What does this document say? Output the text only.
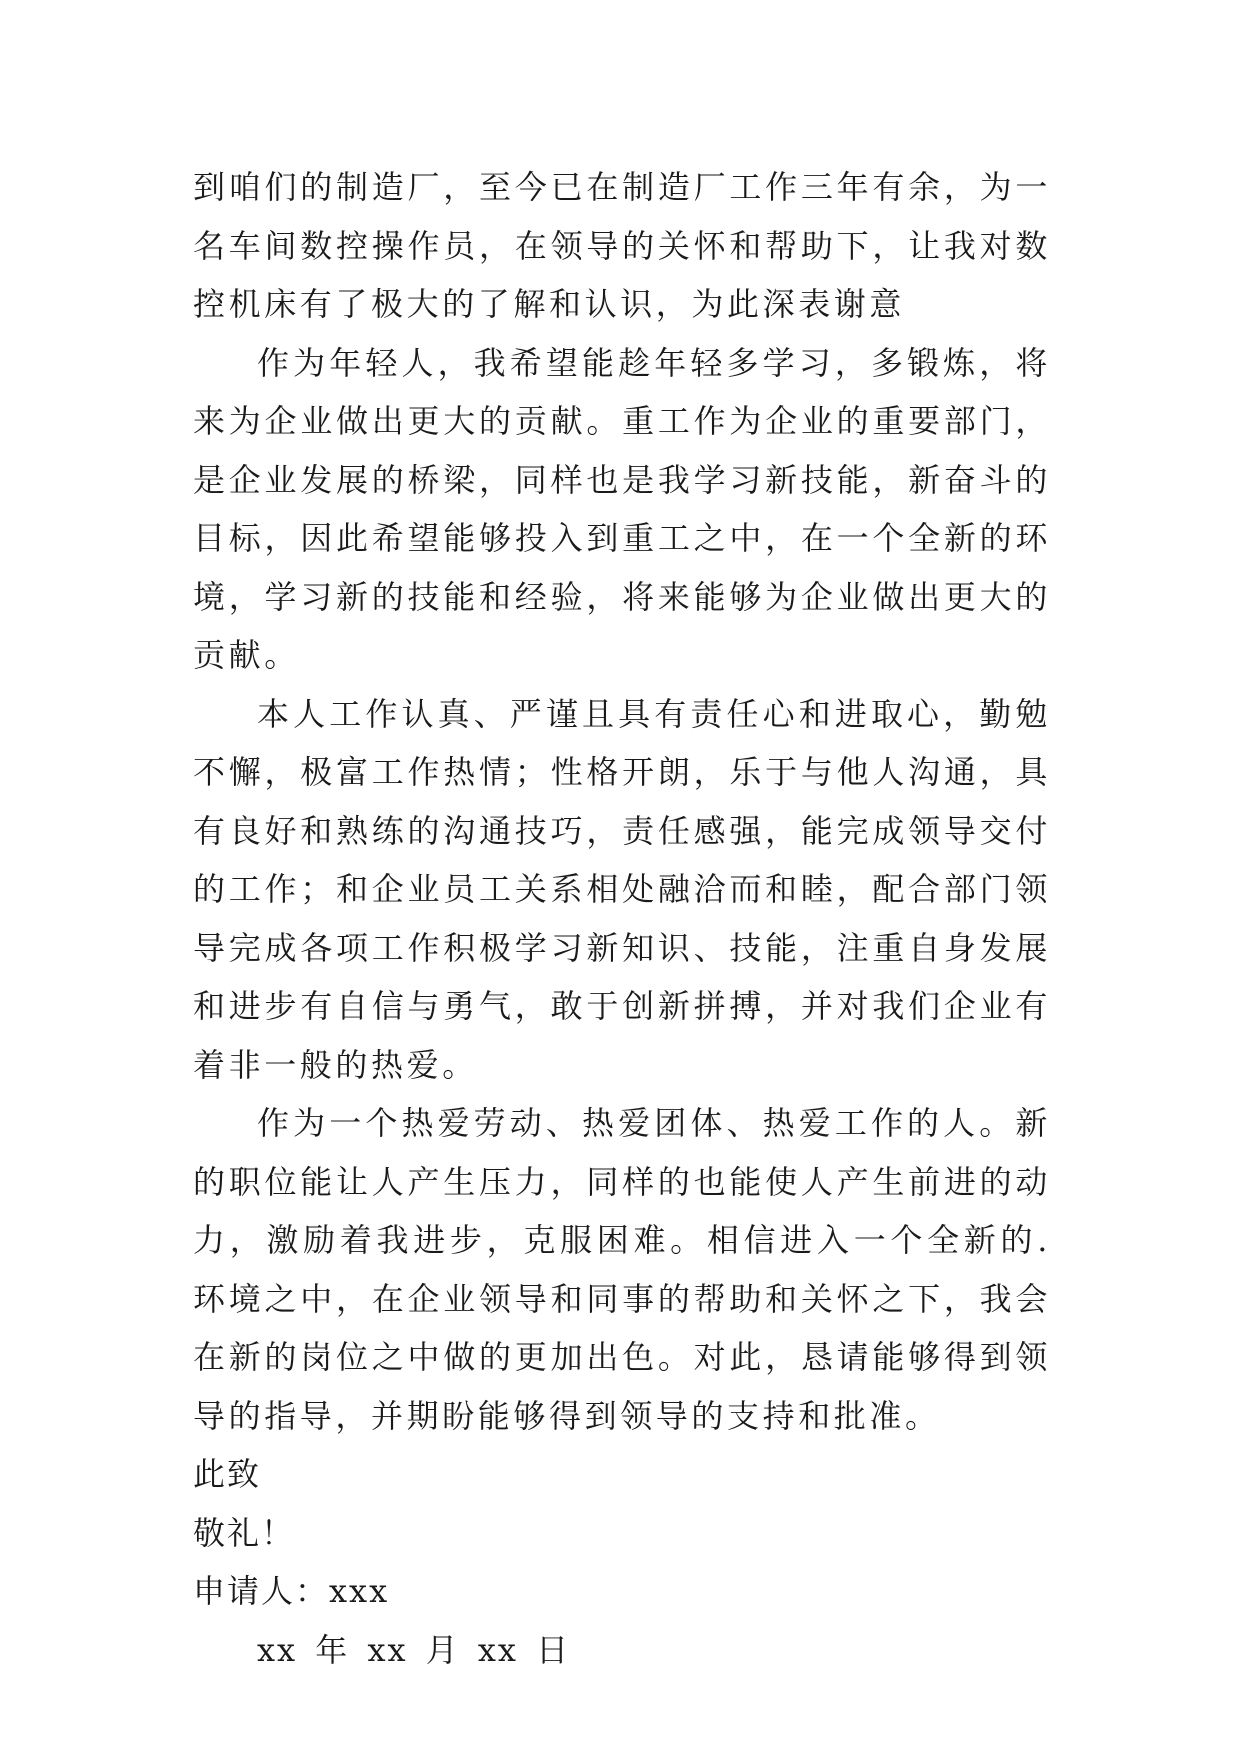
到咱们的制造厂，至今已在制造厂工作三年有余，为一名车间数控操作员，在领导的关怀和帮助下，让我对数控机床有了极大的了解和认识，为此深表谢意

作为年轻人，我希望能趁年轻多学习，多锻炼，将来为企业做出更大的贡献。重工作为企业的重要部门，是企业发展的桥梁，同样也是我学习新技能，新奋斗的目标，因此希望能够投入到重工之中，在一个全新的环境，学习新的技能和经验，将来能够为企业做出更大的贡献。

本人工作认真、严谨且具有责任心和进取心，勤勉不懈，极富工作热情；性格开朗，乐于与他人沟通，具有良好和熟练的沟通技巧，责任感强，能完成领导交付的工作；和企业员工关系相处融洽而和睦，配合部门领导完成各项工作积极学习新知识、技能，注重自身发展和进步有自信与勇气，敢于创新拼搏，并对我们企业有着非一般的热爱。

作为一个热爱劳动、热爱团体、热爱工作的人。新的职位能让人产生压力，同样的也能使人产生前进的动力，激励着我进步，克服困难。相信进入一个全新的.环境之中，在企业领导和同事的帮助和关怀之下，我会在新的岗位之中做的更加出色。对此，恳请能够得到领导的指导，并期盼能够得到领导的支持和批准。

此致

敬礼！

申请人：xxx

xx 年 xx 月 xx 日
